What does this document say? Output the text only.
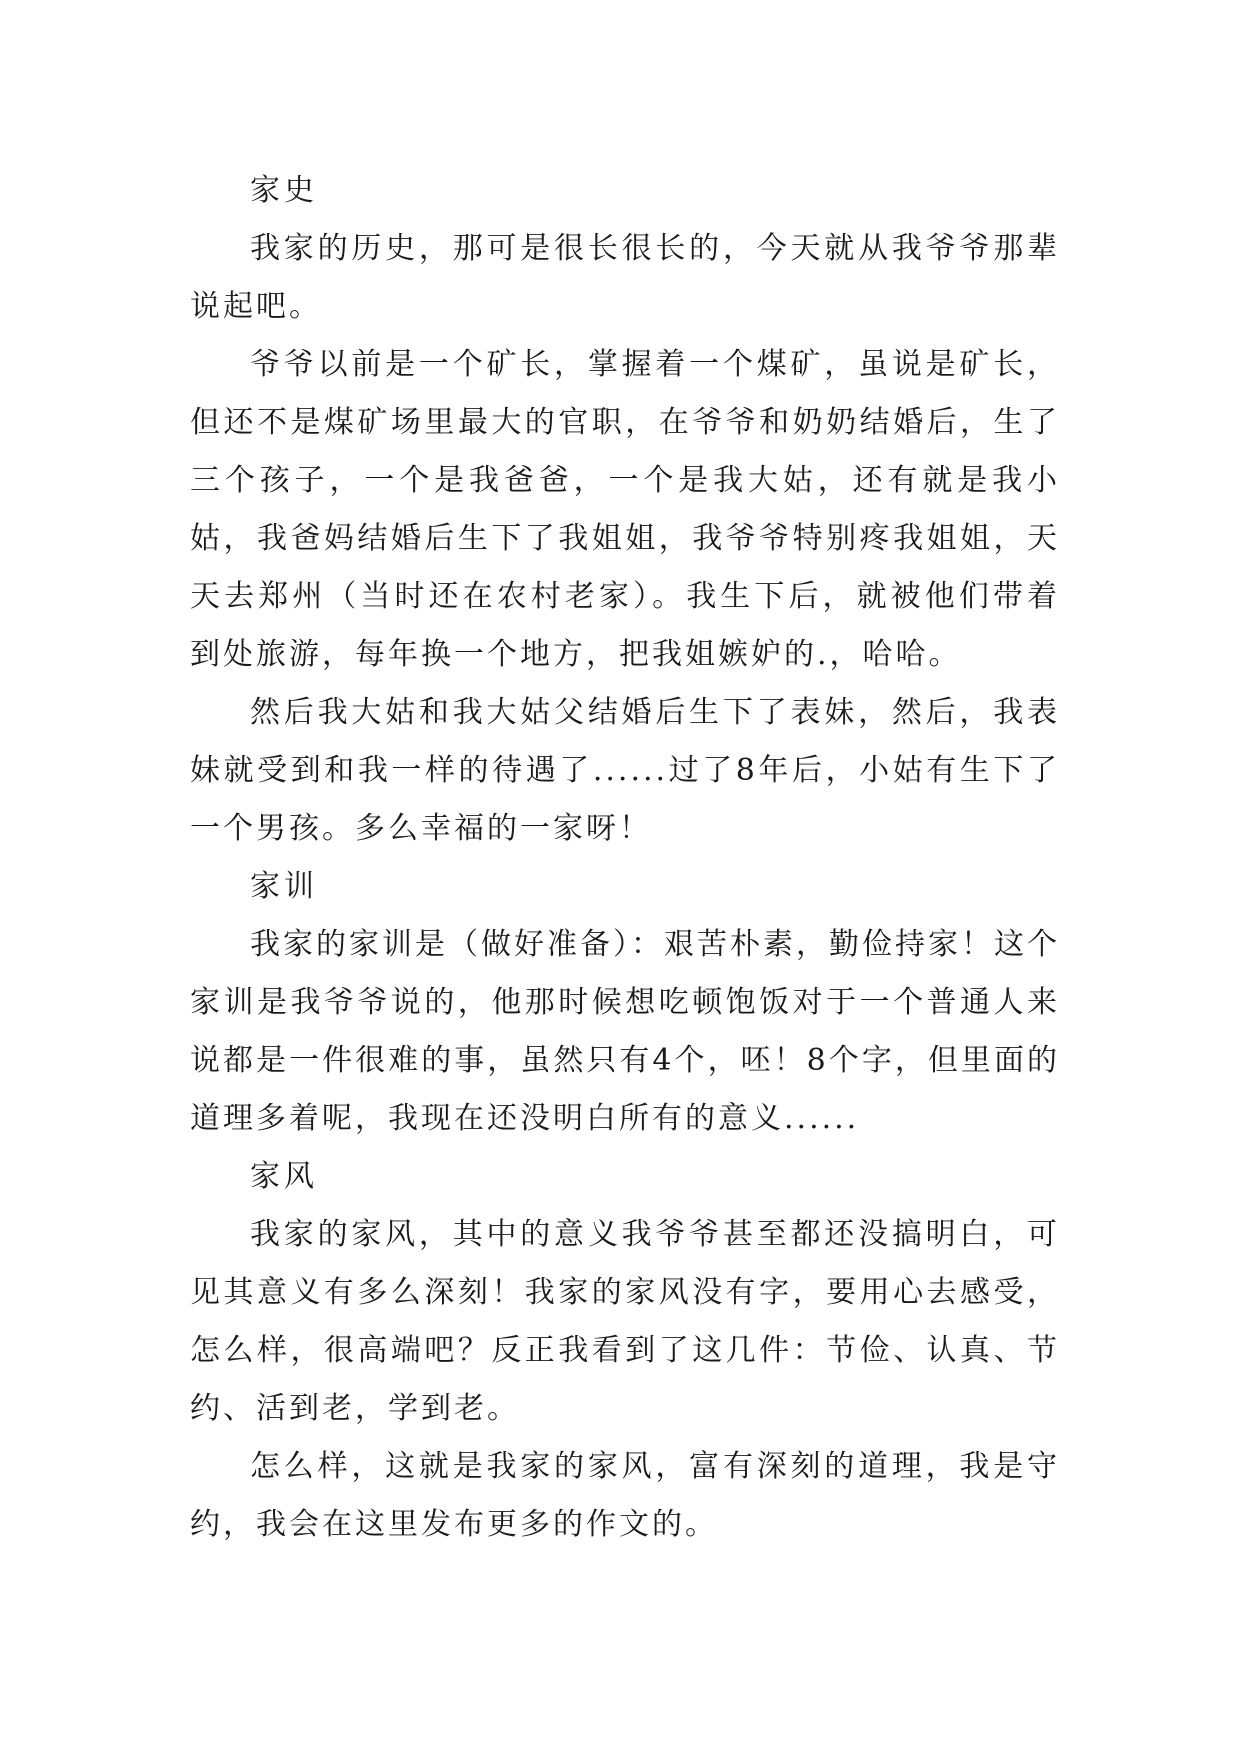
家史

我家的历史，那可是很长很长的，今天就从我爷爷那辈说起吧。

爷爷以前是一个矿长，掌握着一个煤矿，虽说是矿长，但还不是煤矿场里最大的官职，在爷爷和奶奶结婚后，生了三个孩子，一个是我爸爸，一个是我大姑，还有就是我小姑，我爸妈结婚后生下了我姐姐，我爷爷特别疼我姐姐，天天去郑州（当时还在农村老家）。我生下后，就被他们带着到处旅游，每年换一个地方，把我姐嫉妒的.，哈哈。

然后我大姑和我大姑父结婚后生下了表妹，然后，我表妹就受到和我一样的待遇了......过了8年后，小姑有生下了一个男孩。多么幸福的一家呀！

家训

我家的家训是（做好准备）：艰苦朴素，勤俭持家！这个家训是我爷爷说的，他那时候想吃顿饱饭对于一个普通人来说都是一件很难的事，虽然只有4个，呸！8个字，但里面的道理多着呢，我现在还没明白所有的意义......

家风

我家的家风，其中的意义我爷爷甚至都还没搞明白，可见其意义有多么深刻！我家的家风没有字，要用心去感受，怎么样，很高端吧？反正我看到了这几件：节俭、认真、节约、活到老，学到老。

怎么样，这就是我家的家风，富有深刻的道理，我是守约，我会在这里发布更多的作文的。
